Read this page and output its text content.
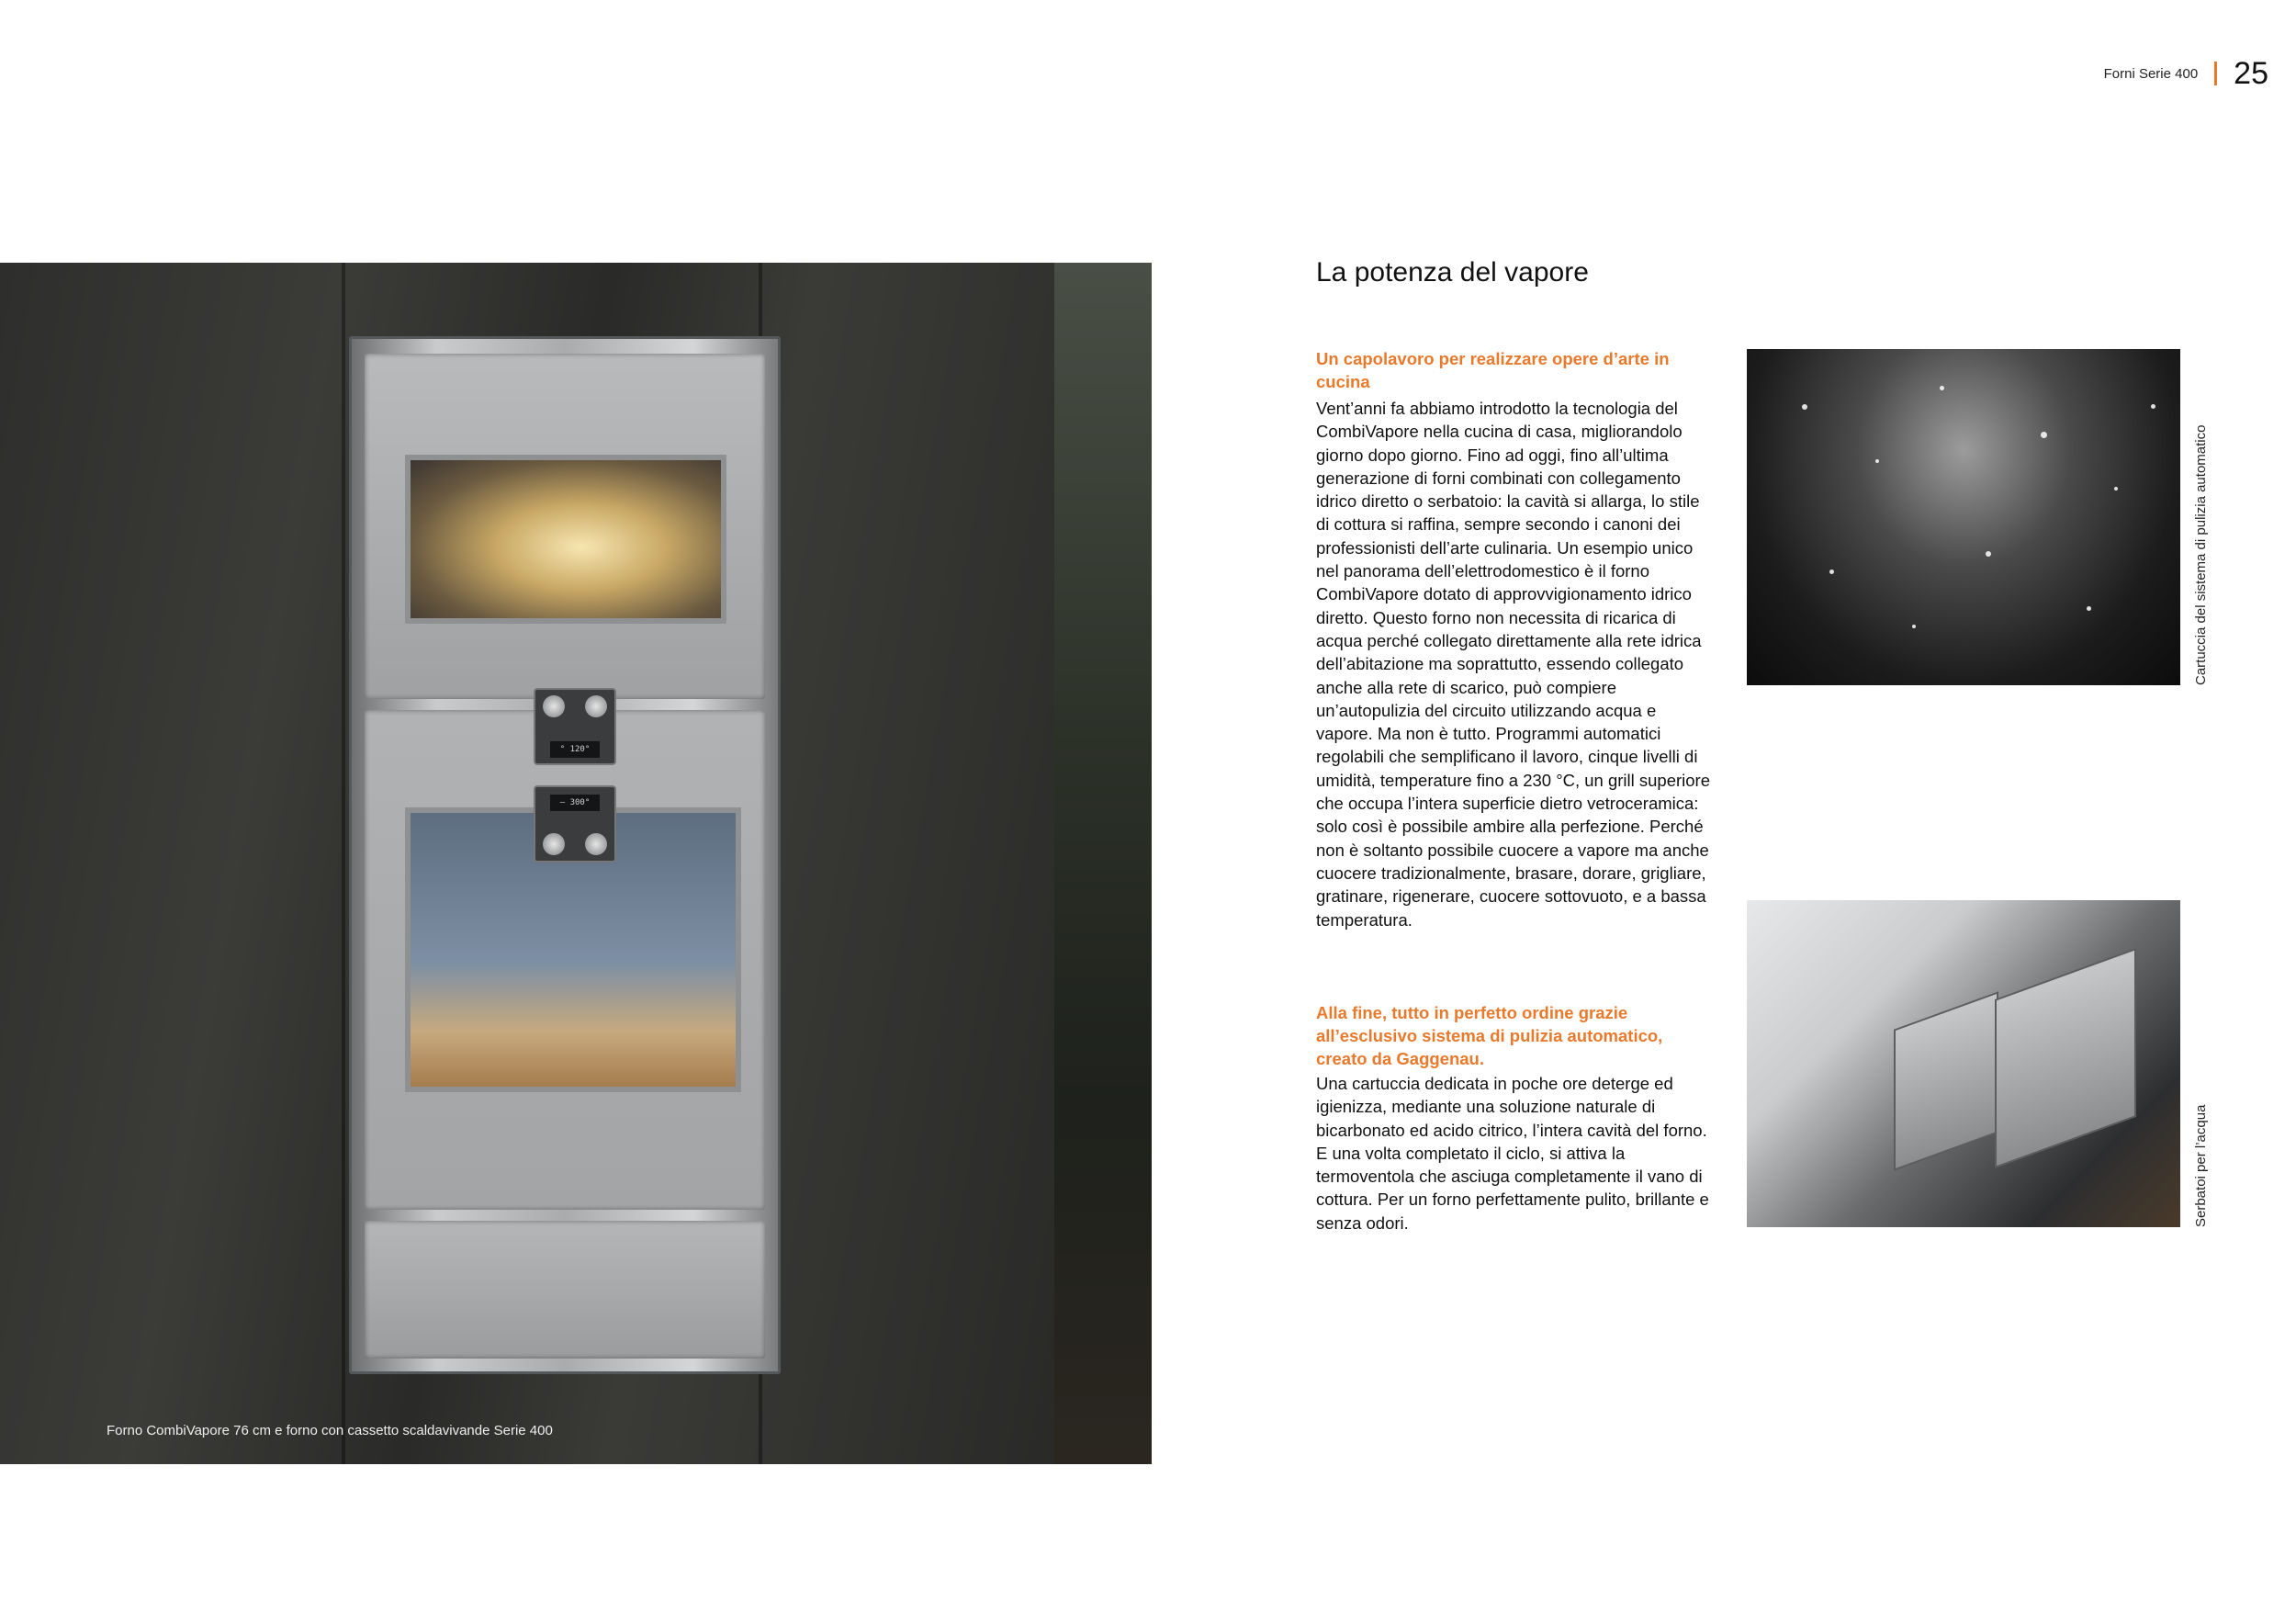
Forni Serie 400 25
° 120°
– 300°
Forno CombiVapore 76 cm e forno con cassetto scaldavivande Serie 400
La potenza del vapore

Un capolavoro per realizzare opere d’arte in cucina

Vent’anni fa abbiamo introdotto la tecnologia del CombiVapore nella cucina di casa, migliorandolo giorno dopo giorno. Fino ad oggi, fino all’ultima generazione di forni combinati con collegamento idrico diretto o serbatoio: la cavità si allarga, lo stile di cottura si raffina, sempre secondo i canoni dei professionisti dell’arte culinaria. Un esempio unico nel panorama dell’elettrodomestico è il forno CombiVapore dotato di approvvigionamento idrico diretto. Questo forno non necessita di ricarica di acqua perché collegato direttamente alla rete idrica dell’abitazione ma soprattutto, essendo collegato anche alla rete di scarico, può compiere un’autopulizia del circuito utilizzando acqua e vapore. Ma non è tutto. Programmi automatici regolabili che semplificano il lavoro, cinque livelli di umidità, temperature fino a 230 °C, un grill superiore che occupa l’intera superficie dietro vetroceramica: solo così è possibile ambire alla perfezione. Perché non è soltanto possibile cuocere a vapore ma anche cuocere tradizionalmente, brasare, dorare, grigliare, gratinare, rigenerare, cuocere sottovuoto, e a bassa temperatura.

Alla fine, tutto in perfetto ordine grazie all’esclusivo sistema di pulizia automatico, creato da Gaggenau.

Una cartuccia dedicata in poche ore deterge ed igienizza, mediante una soluzione naturale di bicarbonato ed acido citrico, l’intera cavità del forno. E una volta completato il ciclo, si attiva la termoventola che asciuga completamente il vano di cottura. Per un forno perfettamente pulito, brillante e senza odori.

Cartuccia del sistema di pulizia automatico
Serbatoi per l’acqua
